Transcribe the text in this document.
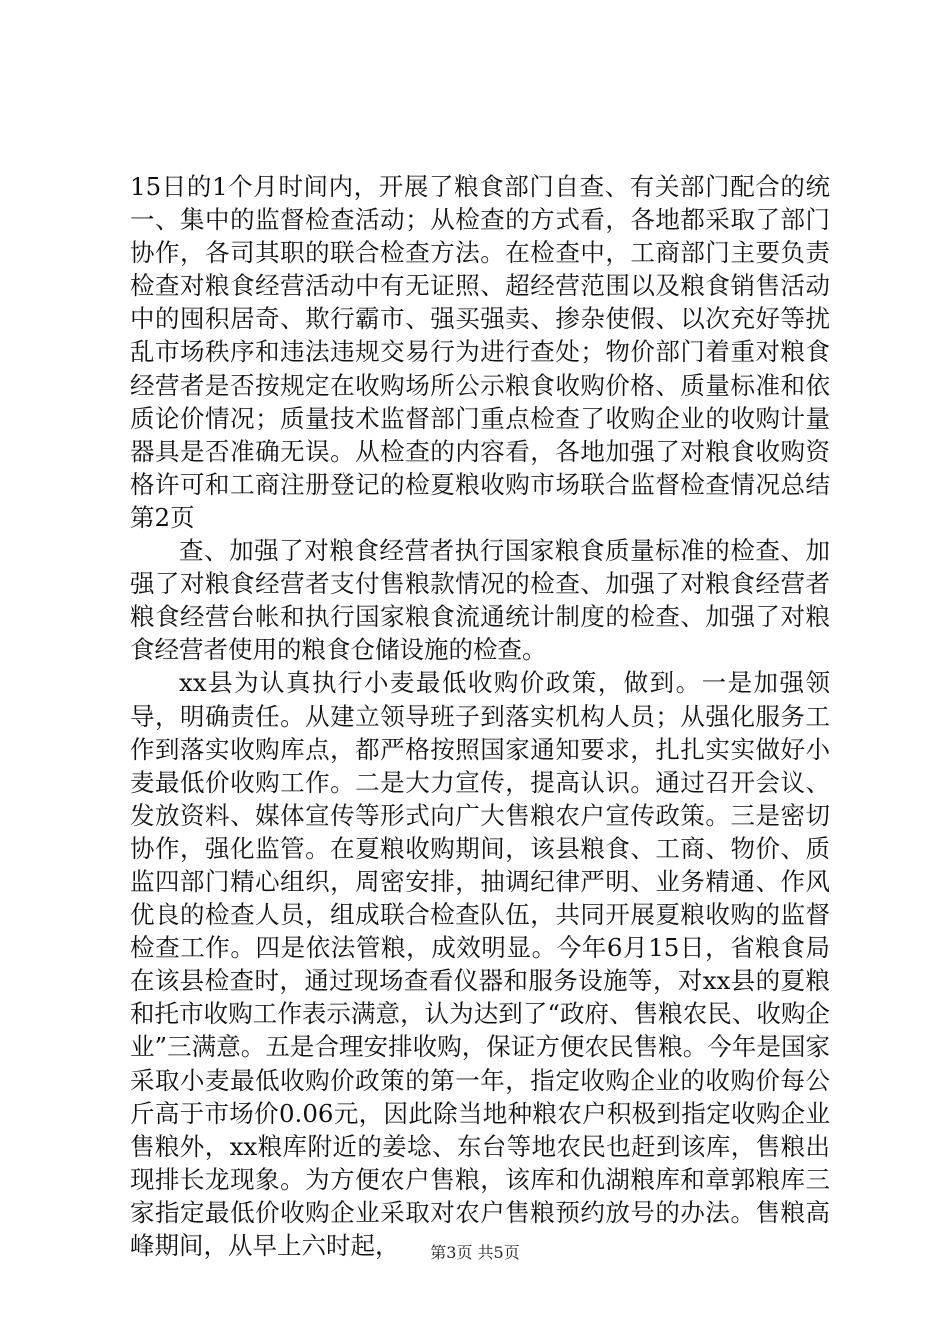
15日的1个月时间内，开展了粮食部门自查、有关部门配合的统一、集中的监督检查活动；从检查的方式看，各地都采取了部门协作，各司其职的联合检查方法。在检查中，工商部门主要负责检查对粮食经营活动中有无证照、超经营范围以及粮食销售活动中的囤积居奇、欺行霸市、强买强卖、掺杂使假、以次充好等扰乱市场秩序和违法违规交易行为进行查处；物价部门着重对粮食经营者是否按规定在收购场所公示粮食收购价格、质量标准和依质论价情况；质量技术监督部门重点检查了收购企业的收购计量器具是否准确无误。从检查的内容看，各地加强了对粮食收购资格许可和工商注册登记的检夏粮收购市场联合监督检查情况总结第2页

查、加强了对粮食经营者执行国家粮食质量标准的检查、加强了对粮食经营者支付售粮款情况的检查、加强了对粮食经营者粮食经营台帐和执行国家粮食流通统计制度的检查、加强了对粮食经营者使用的粮食仓储设施的检查。

xx县为认真执行小麦最低收购价政策，做到。一是加强领导，明确责任。从建立领导班子到落实机构人员；从强化服务工作到落实收购库点，都严格按照国家通知要求，扎扎实实做好小麦最低价收购工作。二是大力宣传，提高认识。通过召开会议、发放资料、媒体宣传等形式向广大售粮农户宣传政策。三是密切协作，强化监管。在夏粮收购期间，该县粮食、工商、物价、质监四部门精心组织，周密安排，抽调纪律严明、业务精通、作风优良的检查人员，组成联合检查队伍，共同开展夏粮收购的监督检查工作。四是依法管粮，成效明显。今年6月15日，省粮食局在该县检查时，通过现场查看仪器和服务设施等，对xx县的夏粮和托市收购工作表示满意，认为达到了“政府、售粮农民、收购企业”三满意。五是合理安排收购，保证方便农民售粮。今年是国家采取小麦最低收购价政策的第一年，指定收购企业的收购价每公斤高于市场价0.06元，因此除当地种粮农户积极到指定收购企业售粮外，xx粮库附近的姜埝、东台等地农民也赶到该库，售粮出现排长龙现象。为方便农户售粮，该库和仇湖粮库和章郭粮库三家指定最低价收购企业采取对农户售粮预约放号的办法。售粮高峰期间，从早上六时起，	第3页 共5页
